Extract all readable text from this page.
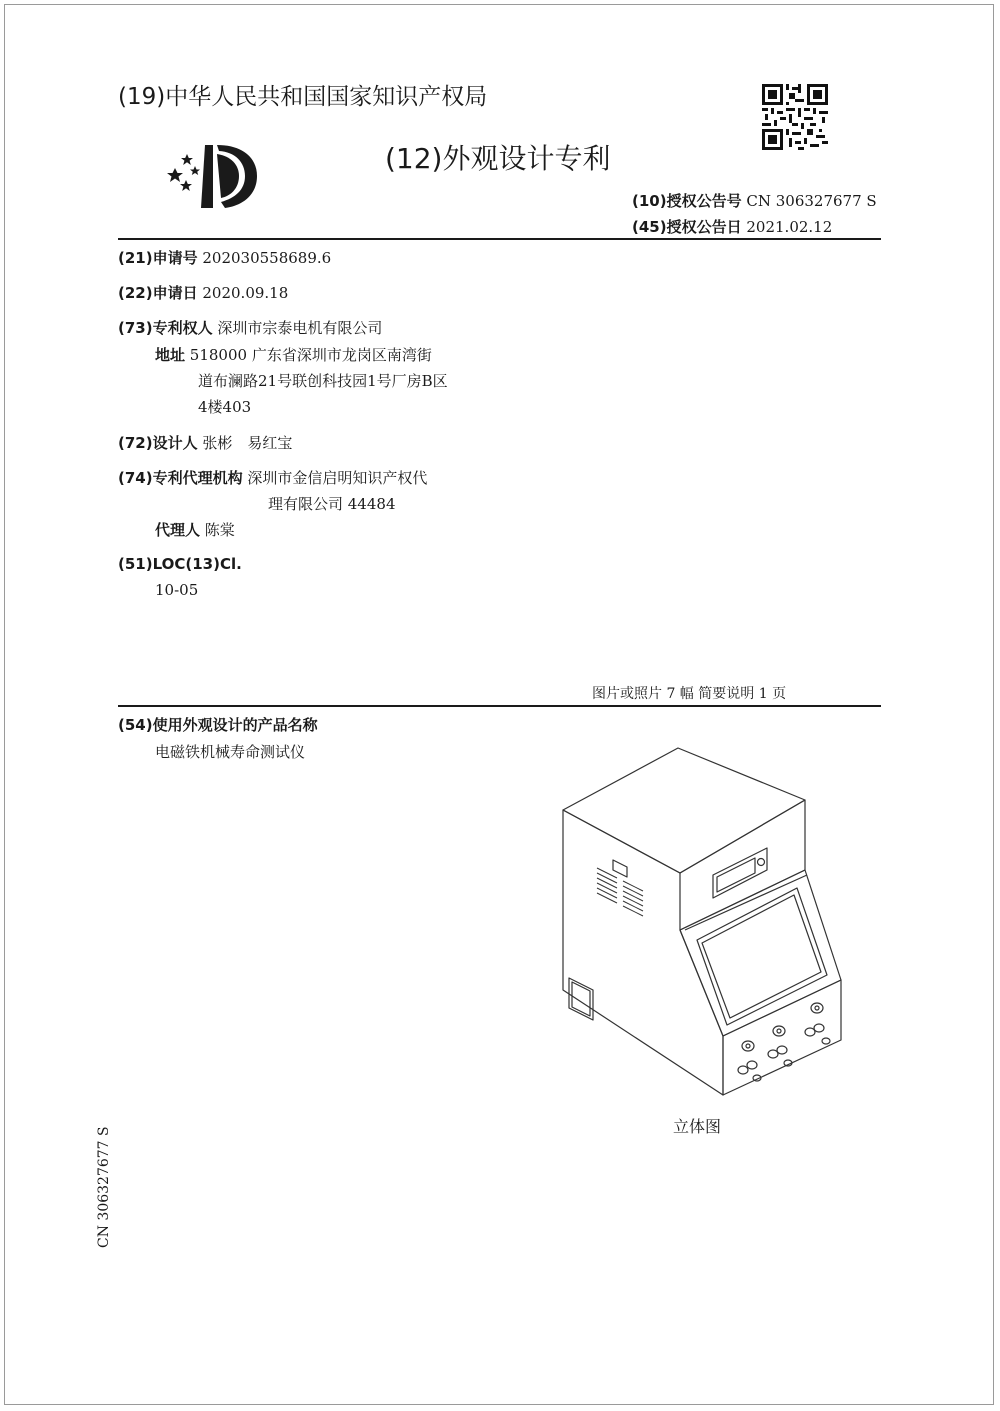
(19)中华人民共和国国家知识产权局
(12)外观设计专利
(10)授权公告号 CN 306327677 S
(45)授权公告日 2021.02.12
(21)申请号 202030558689.6
(22)申请日 2020.09.18
(73)专利权人 深圳市宗泰电机有限公司
地址 518000 广东省深圳市龙岗区南湾街
道布澜路21号联创科技园1号厂房B区
4楼403
(72)设计人 张彬　易红宝
(74)专利代理机构 深圳市金信启明知识产权代
理有限公司 44484
代理人 陈棠
(51)LOC(13)Cl.
10-05
图片或照片 7 幅 简要说明 1 页
(54)使用外观设计的产品名称
电磁铁机械寿命测试仪
立体图
CN 306327677 S
